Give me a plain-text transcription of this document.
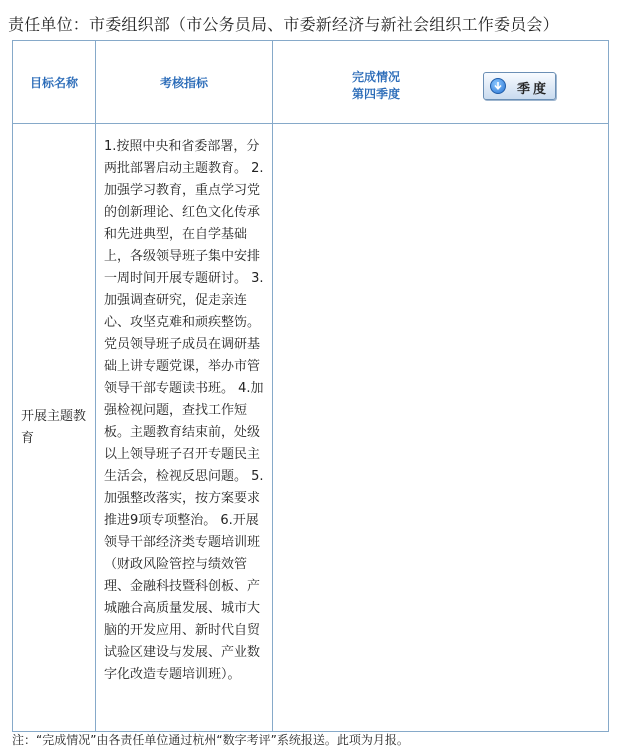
责任单位：市委组织部（市公务员局、市委新经济与新社会组织工作委员会）
目标名称	考核指标	完成情况
第四季度 季度

开展主题教育	1.按照中央和省委部署，分两批部署启动主题教育。 2.加强学习教育，重点学习党的创新理论、红色文化传承和先进典型，在自学基础上，各级领导班子集中安排一周时间开展专题研讨。 3.加强调查研究，促走亲连心、攻坚克难和顽疾整饬。党员领导班子成员在调研基础上讲专题党课，举办市管领导干部专题读书班。 4.加强检视问题，查找工作短板。主题教育结束前，处级以上领导班子召开专题民主生活会，检视反思问题。 5.加强整改落实，按方案要求推进9项专项整治。 6.开展领导干部经济类专题培训班（财政风险管控与绩效管理、金融科技暨科创板、产城融合高质量发展、城市大脑的开发应用、新时代自贸试验区建设与发展、产业数字化改造专题培训班）。	

注：“完成情况”由各责任单位通过杭州“数字考评”系统报送。此项为月报。
